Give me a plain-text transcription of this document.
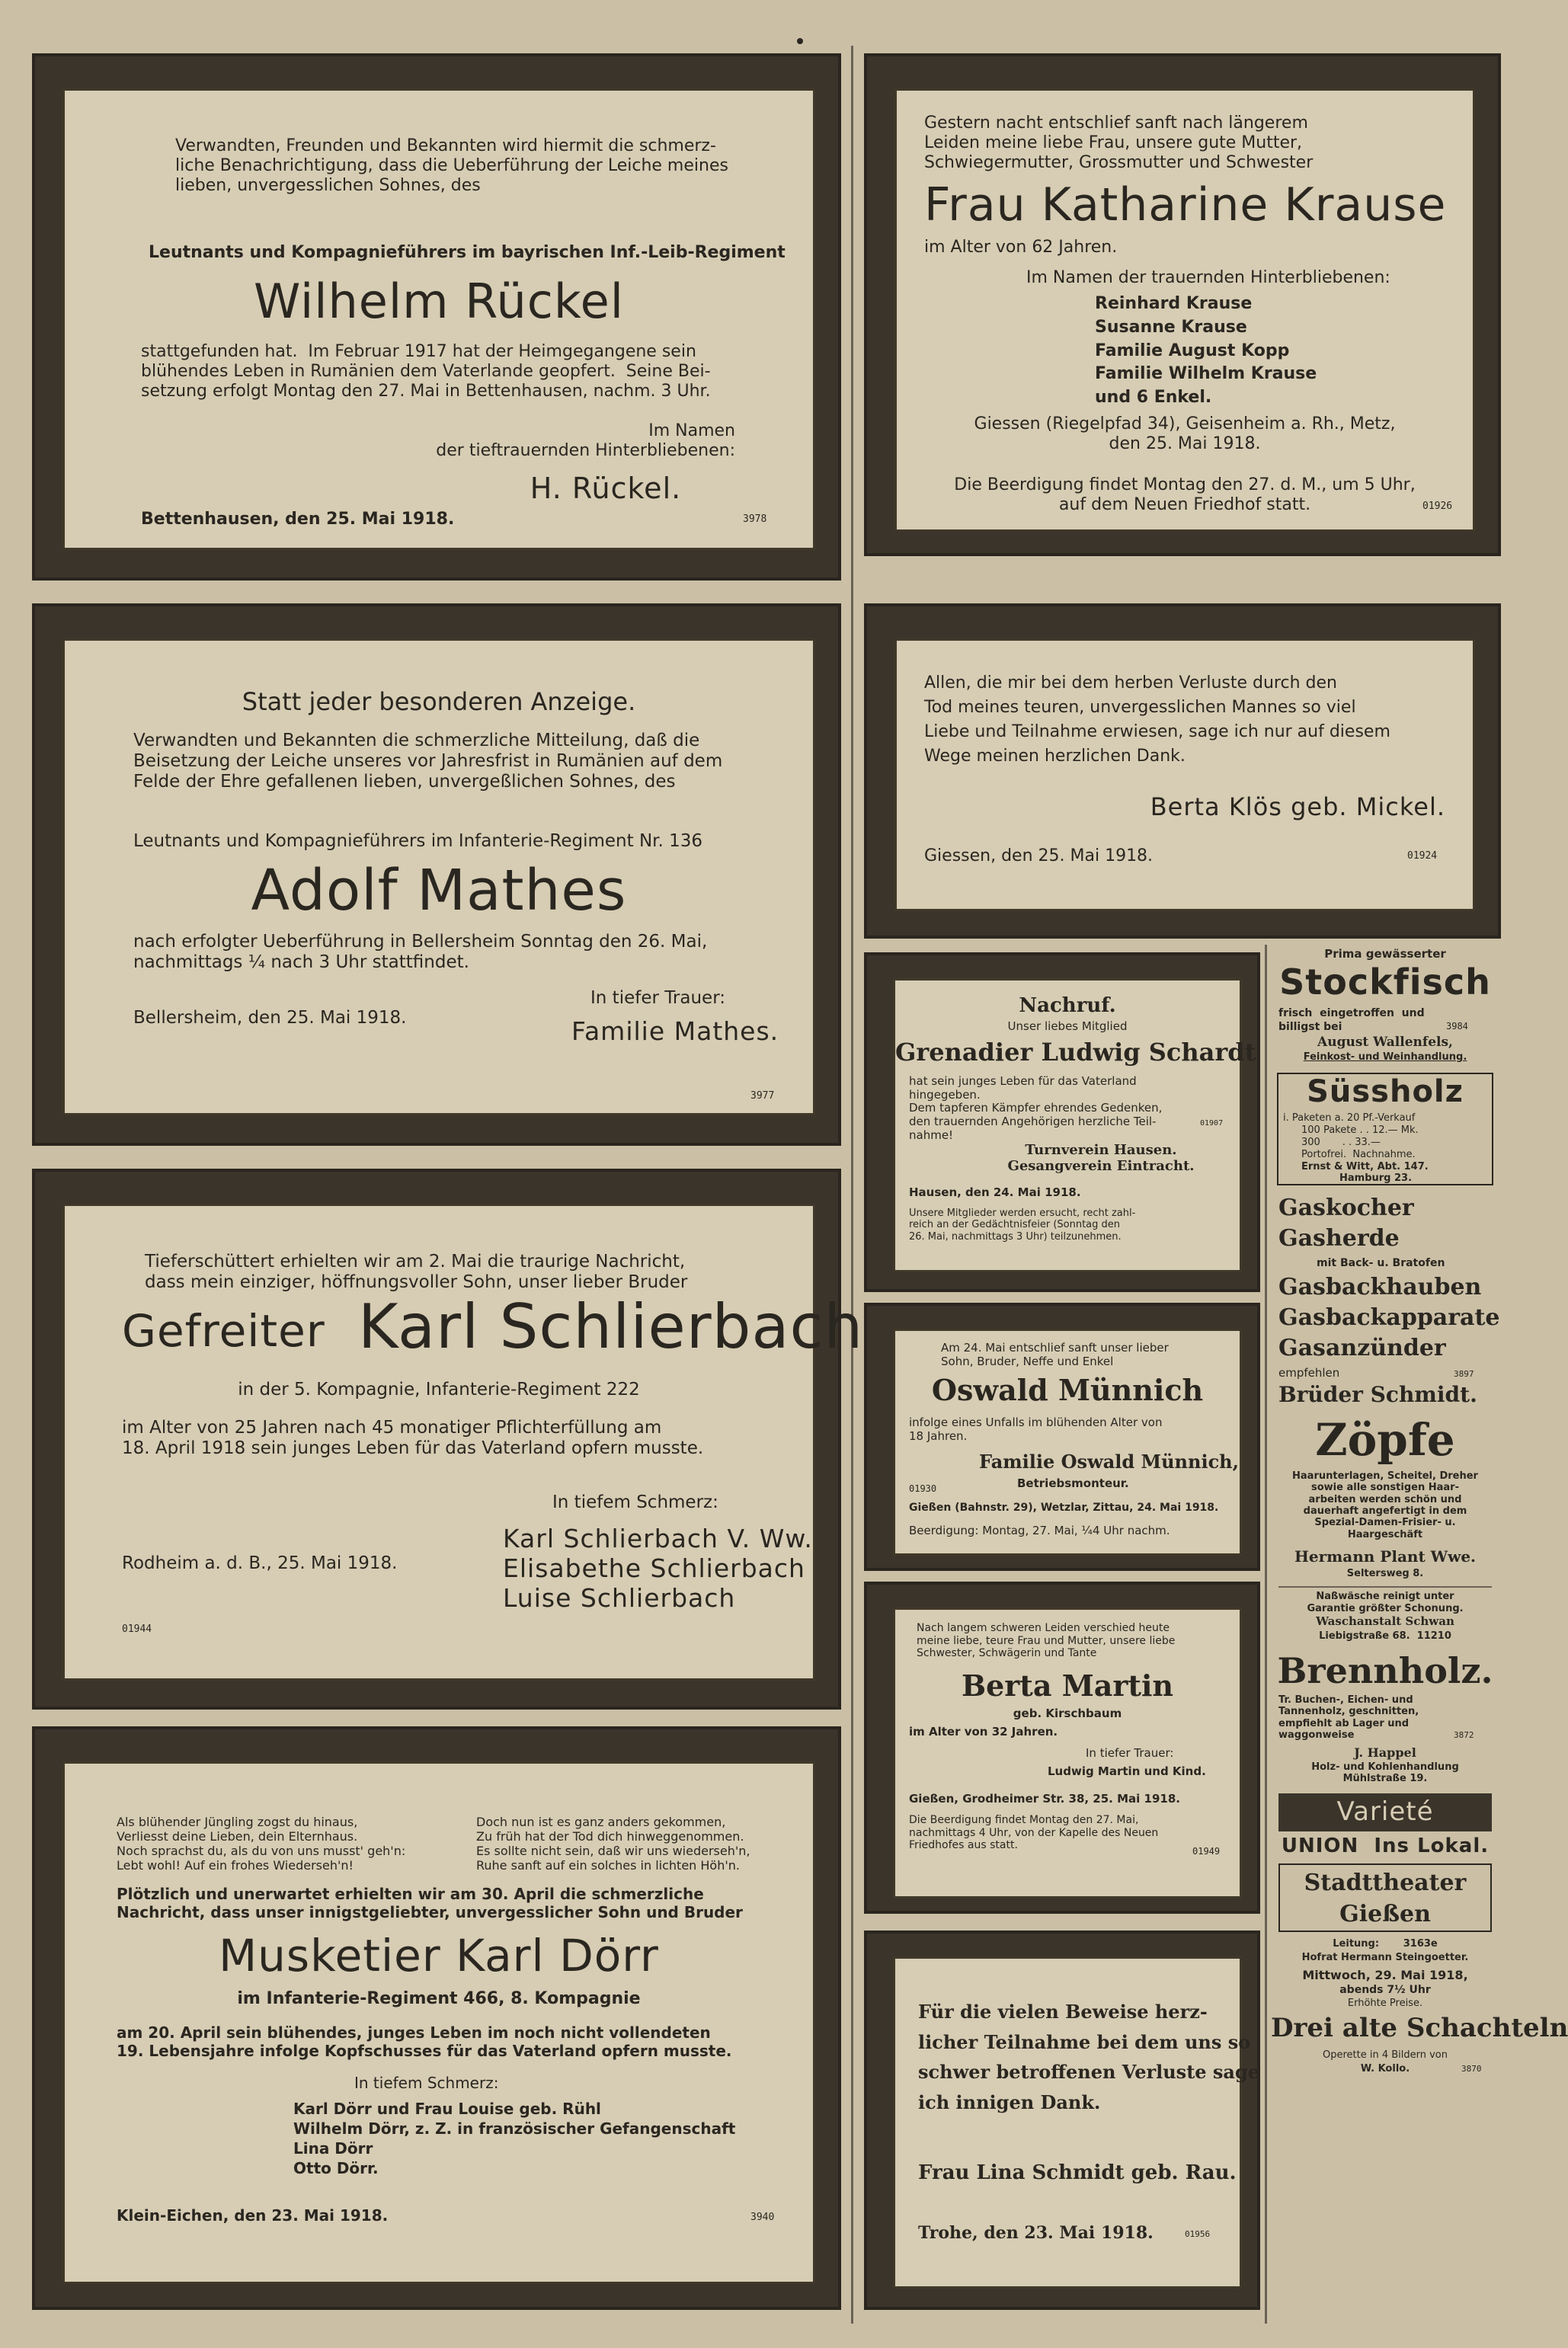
Verwandten, Freunden und Bekannten wird hiermit die schmerz-
liche Benachrichtigung, dass die Ueberführung der Leiche meines
lieben, unvergesslichen Sohnes, des
Leutnants und Kompagnieführers im bayrischen Inf.-Leib-Regiment
Wilhelm Rückel
stattgefunden hat.  Im Februar 1917 hat der Heimgegangene sein
blühendes Leben in Rumänien dem Vaterlande geopfert.  Seine Bei-
setzung erfolgt Montag den 27. Mai in Bettenhausen, nachm. 3 Uhr.
Im Namen
der tieftrauernden Hinterbliebenen:
H. Rückel.
Bettenhausen, den 25. Mai 1918.	3978
Gestern nacht entschlief sanft nach längerem
Leiden meine liebe Frau, unsere gute Mutter,
Schwiegermutter, Grossmutter und Schwester
Frau Katharine Krause
im Alter von 62 Jahren.
Im Namen der trauernden Hinterbliebenen:
Reinhard Krause
Susanne Krause
Familie August Kopp
Familie Wilhelm Krause
und 6 Enkel.
Giessen (Riegelpfad 34), Geisenheim a. Rh., Metz,
den 25. Mai 1918.
Die Beerdigung findet Montag den 27. d. M., um 5 Uhr,
auf dem Neuen Friedhof statt.	01926
Statt jeder besonderen Anzeige.
Verwandten und Bekannten die schmerzliche Mitteilung, daß die
Beisetzung der Leiche unseres vor Jahresfrist in Rumänien auf dem
Felde der Ehre gefallenen lieben, unvergeßlichen Sohnes, des
Leutnants und Kompagnieführers im Infanterie-Regiment Nr. 136
Adolf Mathes
nach erfolgter Ueberführung in Bellersheim Sonntag den 26. Mai,
nachmittags ¼ nach 3 Uhr stattfindet.
Bellersheim, den 25. Mai 1918.
In tiefer Trauer:
Familie Mathes.
3977
Allen, die mir bei dem herben Verluste durch den
Tod meines teuren, unvergesslichen Mannes so viel
Liebe und Teilnahme erwiesen, sage ich nur auf diesem
Wege meinen herzlichen Dank.
Berta Klös geb. Mickel.
Giessen, den 25. Mai 1918.	01924
Tieferschüttert erhielten wir am 2. Mai die traurige Nachricht,
dass mein einziger, höffnungsvoller Sohn, unser lieber Bruder
Gefreiter Karl Schlierbach
in der 5. Kompagnie, Infanterie-Regiment 222
im Alter von 25 Jahren nach 45 monatiger Pflichterfüllung am
18. April 1918 sein junges Leben für das Vaterland opfern musste.
In tiefem Schmerz:
Karl Schlierbach V. Ww.
Elisabethe Schlierbach
Luise Schlierbach
Rodheim a. d. B., 25. Mai 1918.
01944
Als blühender Jüngling zogst du hinaus,
Verliesst deine Lieben, dein Elternhaus.
Noch sprachst du, als du von uns musst' geh'n:
Lebt wohl! Auf ein frohes Wiederseh'n!
Doch nun ist es ganz anders gekommen,
Zu früh hat der Tod dich hinweggenommen.
Es sollte nicht sein, daß wir uns wiederseh'n,
Ruhe sanft auf ein solches in lichten Höh'n.
Plötzlich und unerwartet erhielten wir am 30. April die schmerzliche
Nachricht, dass unser innigstgeliebter, unvergesslicher Sohn und Bruder
Musketier Karl Dörr
im Infanterie-Regiment 466, 8. Kompagnie
am 20. April sein blühendes, junges Leben im noch nicht vollendeten
19. Lebensjahre infolge Kopfschusses für das Vaterland opfern musste.
In tiefem Schmerz:
Karl Dörr und Frau Louise geb. Rühl
Wilhelm Dörr, z. Z. in französischer Gefangenschaft
Lina Dörr
Otto Dörr.
Klein-Eichen, den 23. Mai 1918.	3940
Nachruf.
Unser liebes Mitglied
Grenadier Ludwig Schardt
hat sein junges Leben für das Vaterland
hingegeben.
Dem tapferen Kämpfer ehrendes Gedenken,
den trauernden Angehörigen herzliche Teil-
nahme!
01907
Turnverein Hausen.
Gesangverein Eintracht.
Hausen, den 24. Mai 1918.
Unsere Mitglieder werden ersucht, recht zahl-
reich an der Gedächtnisfeier (Sonntag den
26. Mai, nachmittags 3 Uhr) teilzunehmen.
Am 24. Mai entschlief sanft unser lieber
Sohn, Bruder, Neffe und Enkel
Oswald Münnich
infolge eines Unfalls im blühenden Alter von
18 Jahren.
Familie Oswald Münnich,
Betriebsmonteur.
01930
Gießen (Bahnstr. 29), Wetzlar, Zittau, 24. Mai 1918.
Beerdigung: Montag, 27. Mai, ¼4 Uhr nachm.
Nach langem schweren Leiden verschied heute
meine liebe, teure Frau und Mutter, unsere liebe
Schwester, Schwägerin und Tante
Berta Martin
geb. Kirschbaum
im Alter von 32 Jahren.
In tiefer Trauer:
Ludwig Martin und Kind.
Gießen, Grodheimer Str. 38, 25. Mai 1918.
Die Beerdigung findet Montag den 27. Mai,
nachmittags 4 Uhr, von der Kapelle des Neuen
Friedhofes aus statt.	01949
Für die vielen Beweise herz-
licher Teilnahme bei dem uns so
schwer betroffenen Verluste sage
ich innigen Dank.
Frau Lina Schmidt geb. Rau.
Trohe, den 23. Mai 1918.	01956
Prima gewässerter
Stockfisch
frisch  eingetroffen  und
billigst bei	3984
August Wallenfels,
Feinkost- und Weinhandlung.
Süssholz
i. Paketen a. 20 Pf.-Verkauf
100 Pakete . . 12.— Mk.
300       . . 33.—
Portofrei.  Nachnahme.
Ernst & Witt, Abt. 147.
Hamburg 23.
Gaskocher
Gasherde
mit Back- u. Bratofen
Gasbackhauben
Gasbackapparate
Gasanzünder
empfehlen	3897
Brüder Schmidt.
Zöpfe
Haarunterlagen, Scheitel, Dreher
sowie alle sonstigen Haar-
arbeiten werden schön und
dauerhaft angefertigt in dem
Spezial-Damen-Frisier- u.
Haargeschäft
Hermann Plant Wwe.
Seltersweg 8.
Naßwäsche reinigt unter
Garantie größter Schonung.
Waschanstalt Schwan
Liebigstraße 68.  11210
Brennholz.
Tr. Buchen-, Eichen- und
Tannenholz, geschnitten,
empfiehlt ab Lager und
waggonweise	3872
J. Happel
Holz- und Kohlenhandlung
Mühlstraße 19.
Varieté
UNION  Ins Lokal.
Stadttheater Gießen
Leitung:       3163e
Hofrat Hermann Steingoetter.
Mittwoch, 29. Mai 1918,
abends 7½ Uhr
Erhöhte Preise.
Drei alte Schachteln
Operette in 4 Bildern von
W. Kollo.	3870
